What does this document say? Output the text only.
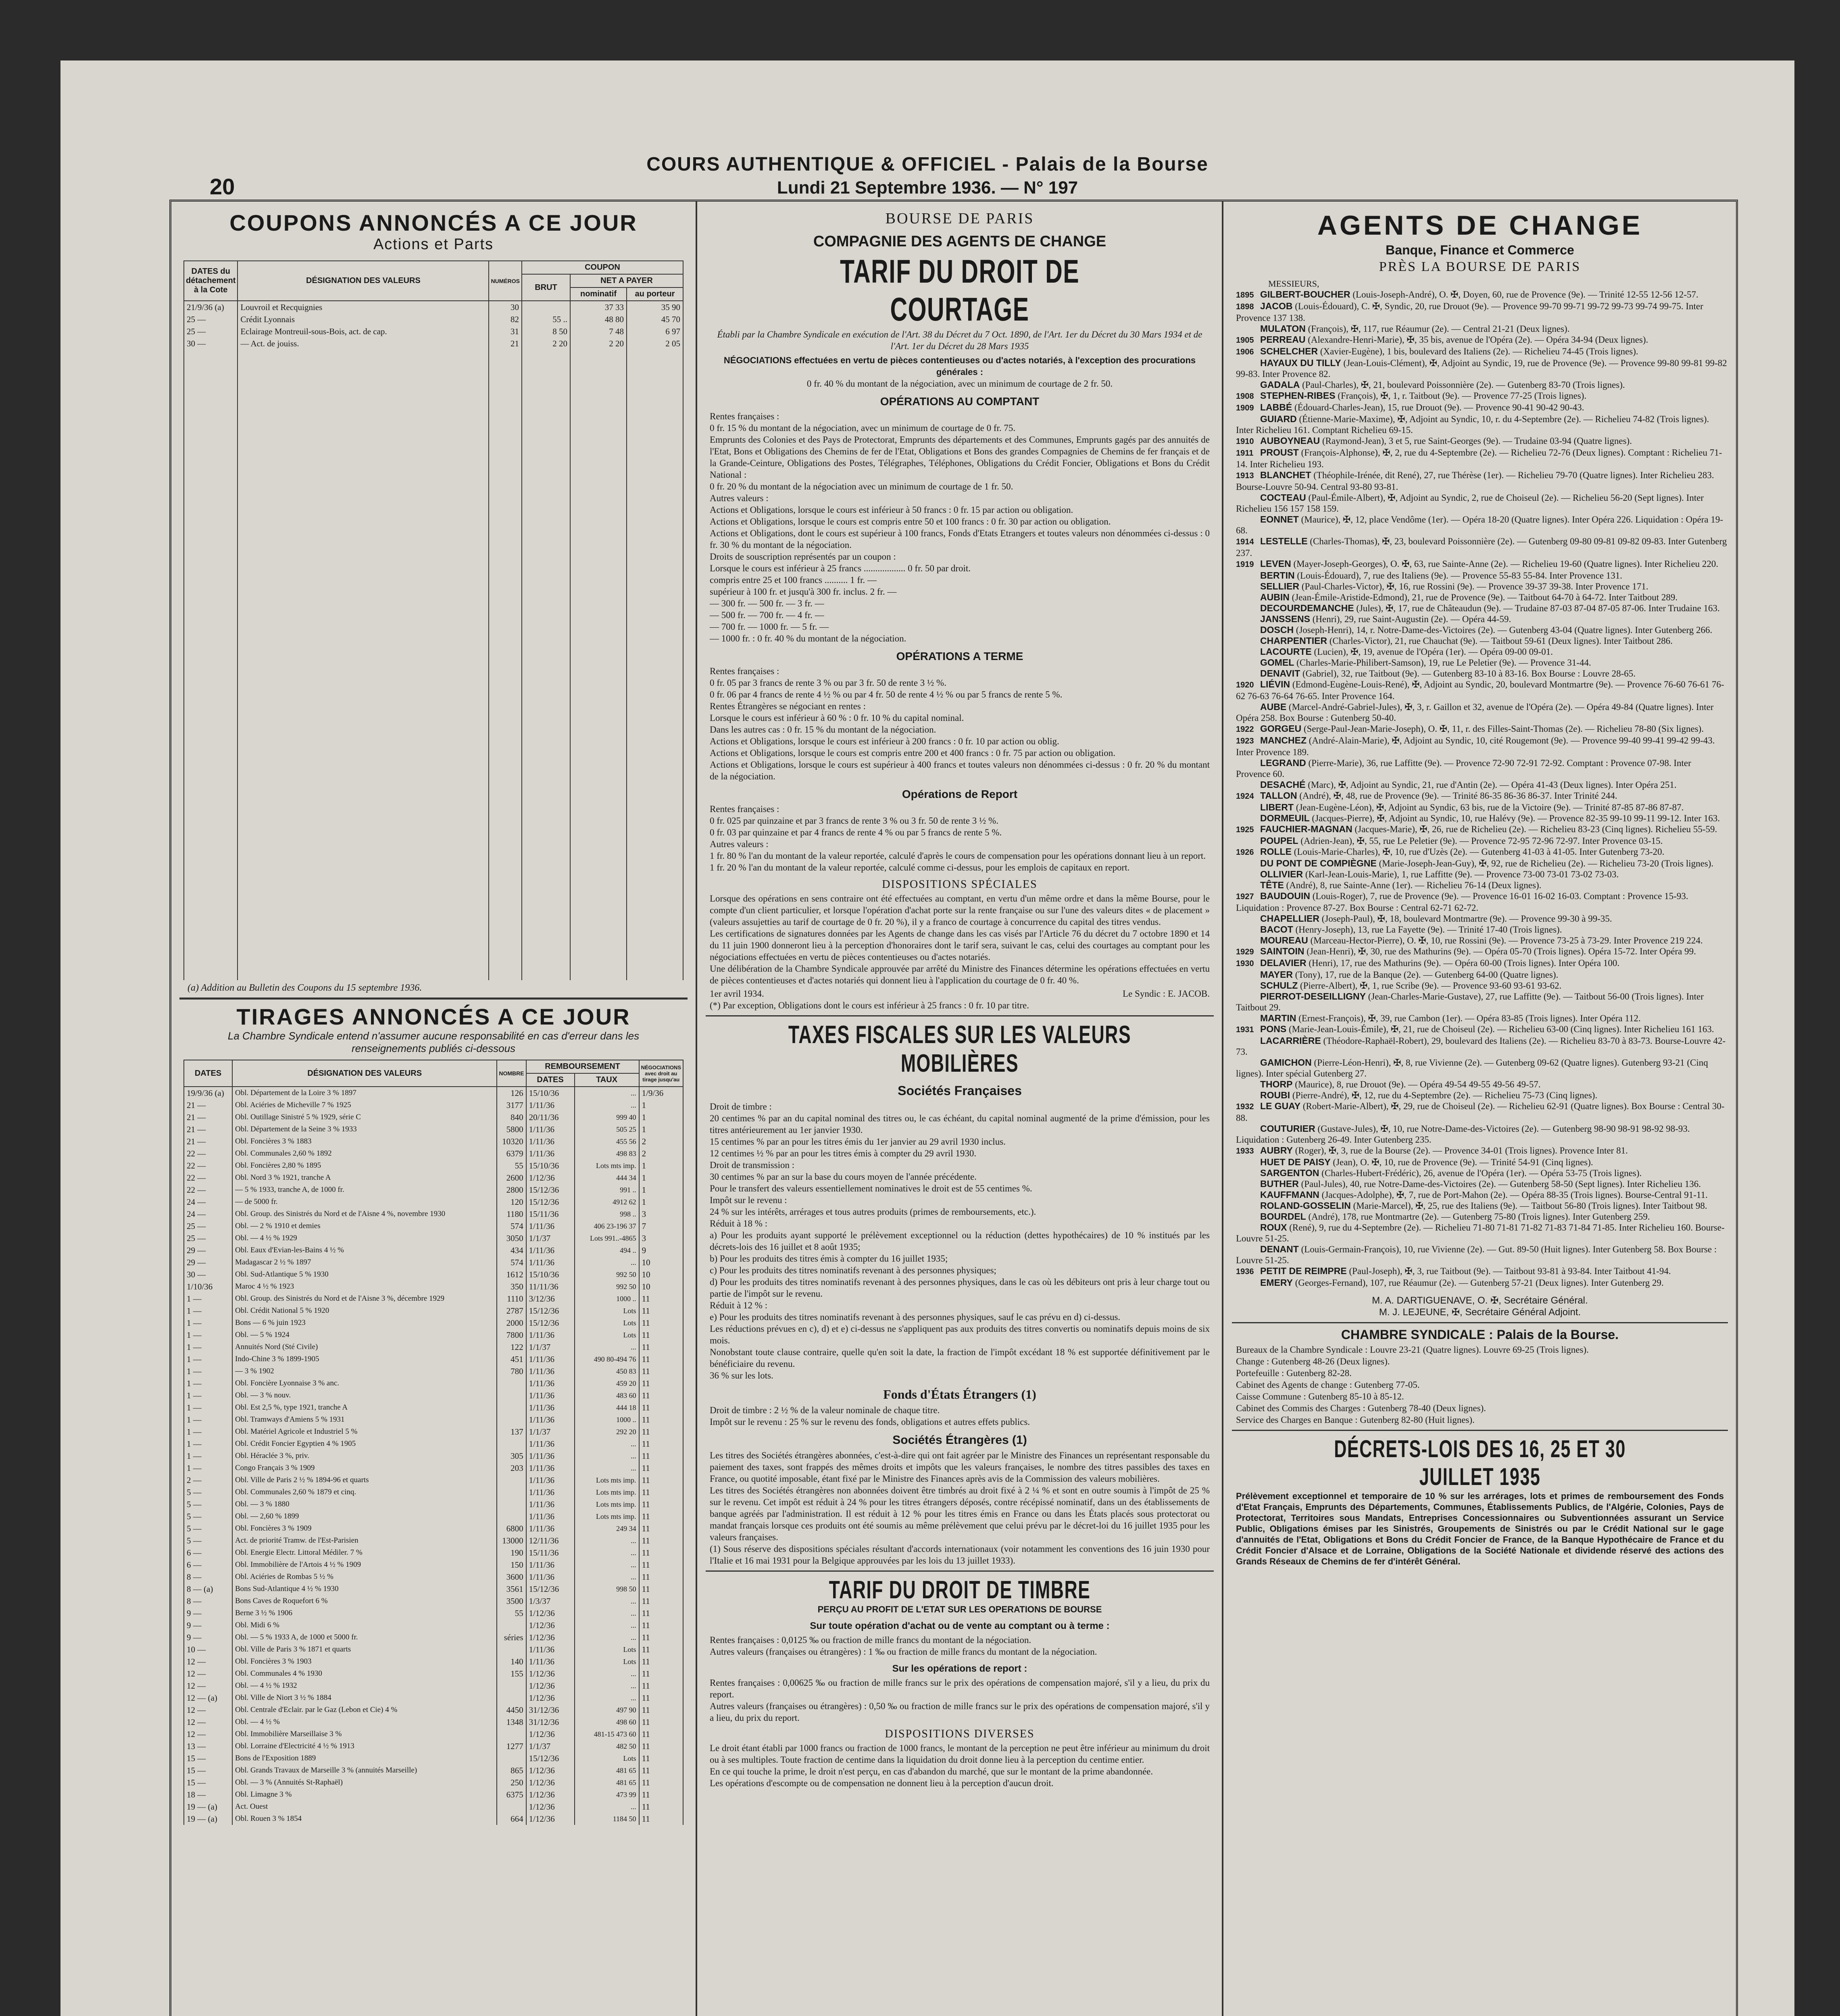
20
COURS AUTHENTIQUE & OFFICIEL - Palais de la Bourse
Lundi 21 Septembre 1936. — N° 197
COUPONS ANNONCÉS A CE JOUR
Actions et Parts
DATES du détachement à la Cote	DÉSIGNATION DES VALEURS	NUMÉROS	COUPON		
			BRUT	NET A PAYER	
				nominatif	au porteur
21/9/36 (a)	Louvroil et Recquignies	30		37 33	35 90
25 —	Crédit Lyonnais	82	55 ..	48 80	45 70
25 —	Eclairage Montreuil-sous-Bois, act. de cap.	31	8 50	7 48	6 97
30 —	— Act. de jouiss.	21	2 20	2 20	2 05

(a) Addition au Bulletin des Coupons du 15 septembre 1936.
TIRAGES ANNONCÉS A CE JOUR
La Chambre Syndicale entend n'assumer aucune responsabilité en cas d'erreur dans les renseignements publiés ci-dessous
DATES	DÉSIGNATION DES VALEURS	NOMBRE	REMBOURSEMENT		NÉGOCIATIONS avec droit au tirage jusqu'au
			DATES	TAUX	
19/9/36 (a)	Obl. Département de la Loire 3 % 1897	126	15/10/36	...	1/9/36
21 —	Obl. Aciéries de Micheville 7 % 1925	3177	1/11/36	...	1
21 —	Obl. Outillage Sinistré 5 % 1929, série C	840	20/11/36	999 40	1
21 —	Obl. Département de la Seine 3 % 1933	5800	1/11/36	505 25	1
21 —	Obl. Foncières 3 % 1883	10320	1/11/36	455 56	2
22 —	Obl. Communales 2,60 % 1892	6379	1/11/36	498 83	2
22 —	Obl. Foncières 2,80 % 1895	55	15/10/36	Lots mts imp.	1
22 —	Obl. Nord 3 % 1921, tranche A	2600	1/12/36	444 34	1
22 —	— 5 % 1933, tranche A, de 1000 fr.	2800	15/12/36	991 ..	1
24 —	— de 5000 fr.	120	15/12/36	4912 62	1
24 —	Obl. Group. des Sinistrés du Nord et de l'Aisne 4 %, novembre 1930	1180	15/11/36	998 ..	3
25 —	Obl. — 2 % 1910 et demies	574	1/11/36	406 23-196 37	7
25 —	Obl. — 4 ½ % 1929	3050	1/1/37	Lots 991..-4865	3
29 —	Obl. Eaux d'Evian-les-Bains 4 ½ %	434	1/11/36	494 ..	9
29 —	Madagascar 2 ½ % 1897	574	1/11/36	...	10
30 —	Obl. Sud-Atlantique 5 % 1930	1612	15/10/36	992 50	10
1/10/36	Maroc 4 ½ % 1923	350	11/11/36	992 50	10
1 —	Obl. Group. des Sinistrés du Nord et de l'Aisne 3 %, décembre 1929	1110	3/12/36	1000 ..	11
1 —	Obl. Crédit National 5 % 1920	2787	15/12/36	Lots	11
1 —	Bons — 6 % juin 1923	2000	15/12/36	Lots	11
1 —	Obl. — 5 % 1924	7800	1/11/36	Lots	11
1 —	Annuités Nord (Sté Civile)	122	1/1/37	...	11
1 —	Indo-Chine 3 % 1899-1905	451	1/11/36	490 80-494 76	11
1 —	— 3 % 1902	780	1/11/36	450 83	11
1 —	Obl. Foncière Lyonnaise 3 % anc.		1/11/36	459 20	11
1 —	Obl. — 3 % nouv.		1/11/36	483 60	11
1 —	Obl. Est 2,5 %, type 1921, tranche A		1/11/36	444 18	11
1 —	Obl. Tramways d'Amiens 5 % 1931		1/11/36	1000 ..	11
1 —	Obl. Matériel Agricole et Industriel 5 %	137	1/1/37	292 20	11
1 —	Obl. Crédit Foncier Egyptien 4 % 1905		1/11/36	...	11
1 —	Obl. Héraclée 3 %, priv.	305	1/11/36	...	11
1 —	Congo Français 3 % 1909	203	1/11/36	...	11
2 —	Obl. Ville de Paris 2 ½ % 1894-96 et quarts		1/11/36	Lots mts imp.	11
5 —	Obl. Communales 2,60 % 1879 et cinq.		1/11/36	Lots mts imp.	11
5 —	Obl. — 3 % 1880		1/11/36	Lots mts imp.	11
5 —	Obl. — 2,60 % 1899		1/11/36	Lots mts imp.	11
5 —	Obl. Foncières 3 % 1909	6800	1/11/36	249 34	11
5 —	Act. de priorité Tramw. de l'Est-Parisien	13000	12/11/36	...	11
6 —	Obl. Energie Electr. Littoral Médiler. 7 %	190	15/11/36	...	11
6 —	Obl. Immobilière de l'Artois 4 ½ % 1909	150	1/11/36	...	11
8 —	Obl. Aciéries de Rombas 5 ½ %	3600	1/11/36	...	11
8 — (a)	Bons Sud-Atlantique 4 ½ % 1930	3561	15/12/36	998 50	11
8 —	Bons Caves de Roquefort 6 %	3500	1/3/37	...	11
9 —	Berne 3 ½ % 1906	55	1/12/36	...	11
9 —	Obl. Midi 6 %		1/12/36	...	11
9 —	Obl. — 5 % 1933 A, de 1000 et 5000 fr.	séries	1/12/36	...	11
10 —	Obl. Ville de Paris 3 % 1871 et quarts		1/11/36	Lots	11
12 —	Obl. Foncières 3 % 1903	140	1/11/36	Lots	11
12 —	Obl. Communales 4 % 1930	155	1/12/36	...	11
12 —	Obl. — 4 ½ % 1932		1/12/36	...	11
12 — (a)	Obl. Ville de Niort 3 ½ % 1884		1/12/36	...	11
12 —	Obl. Centrale d'Eclair. par le Gaz (Lebon et Cie) 4 %	4450	31/12/36	497 90	11
12 —	Obl. — 4 ½ %	1348	31/12/36	498 60	11
12 —	Obl. Immobilière Marseillaise 3 %		1/12/36	481-15 473 60	11
13 —	Obl. Lorraine d'Electricité 4 ½ % 1913	1277	1/1/37	482 50	11
15 —	Bons de l'Exposition 1889		15/12/36	Lots	11
15 —	Obl. Grands Travaux de Marseille 3 % (annuités Marseille)	865	1/12/36	481 65	11
15 —	Obl. — 3 % (Annuités St-Raphaël)	250	1/12/36	481 65	11
18 —	Obl. Limagne 3 %	6375	1/12/36	473 99	11
19 — (a)	Act. Ouest		1/12/36	...	11
19 — (a)	Obl. Rouen 3 % 1854	664	1/12/36	1184 50	11
BOURSE DE PARIS
COMPAGNIE DES AGENTS DE CHANGE
TARIF DU DROIT DE COURTAGE
Établi par la Chambre Syndicale en exécution de l'Art. 38 du Décret du 7 Oct. 1890, de l'Art. 1er du Décret du 30 Mars 1934 et de l'Art. 1er du Décret du 28 Mars 1935
NÉGOCIATIONS effectuées en vertu de pièces contentieuses ou d'actes notariés, à l'exception des procurations générales :
0 fr. 40 % du montant de la négociation, avec un minimum de courtage de 2 fr. 50.
OPÉRATIONS AU COMPTANT
Rentes françaises :
0 fr. 15 % du montant de la négociation, avec un minimum de courtage de 0 fr. 75.
Emprunts des Colonies et des Pays de Protectorat, Emprunts des départements et des Communes, Emprunts gagés par des annuités de l'Etat, Bons et Obligations des Chemins de fer de l'Etat, Obligations et Bons des grandes Compagnies de Chemins de fer français et de la Grande-Ceinture, Obligations des Postes, Télégraphes, Téléphones, Obligations du Crédit Foncier, Obligations et Bons du Crédit National :
0 fr. 20 % du montant de la négociation avec un minimum de courtage de 1 fr. 50.
Autres valeurs :
Actions et Obligations, lorsque le cours est inférieur à 50 francs : 0 fr. 15 par action ou obligation.
Actions et Obligations, lorsque le cours est compris entre 50 et 100 francs : 0 fr. 30 par action ou obligation.
Actions et Obligations, dont le cours est supérieur à 100 francs, Fonds d'Etats Etrangers et toutes valeurs non dénommées ci-dessus : 0 fr. 30 % du montant de la négociation.
Droits de souscription représentés par un coupon :
Lorsque le cours est inférieur à 25 francs .................. 0 fr. 50 par droit.
compris entre 25 et 100 francs .......... 1 fr. —
supérieur à 100 fr. et jusqu'à 300 fr. inclus. 2 fr. —
— 300 fr. — 500 fr. — 3 fr. —
— 500 fr. — 700 fr. — 4 fr. —
— 700 fr. — 1000 fr. — 5 fr. —
— 1000 fr. : 0 fr. 40 % du montant de la négociation.
OPÉRATIONS A TERME
Rentes françaises :
0 fr. 05 par 3 francs de rente 3 % ou par 3 fr. 50 de rente 3 ½ %.
0 fr. 06 par 4 francs de rente 4 ½ % ou par 4 fr. 50 de rente 4 ½ % ou par 5 francs de rente 5 %.
Rentes Étrangères se négociant en rentes :
Lorsque le cours est inférieur à 60 % : 0 fr. 10 % du capital nominal.
Dans les autres cas : 0 fr. 15 % du montant de la négociation.
Actions et Obligations, lorsque le cours est inférieur à 200 francs : 0 fr. 10 par action ou oblig.
Actions et Obligations, lorsque le cours est compris entre 200 et 400 francs : 0 fr. 75 par action ou obligation.
Actions et Obligations, lorsque le cours est supérieur à 400 francs et toutes valeurs non dénommées ci-dessus : 0 fr. 20 % du montant de la négociation.
Opérations de Report
Rentes françaises :
0 fr. 025 par quinzaine et par 3 francs de rente 3 % ou 3 fr. 50 de rente 3 ½ %.
0 fr. 03 par quinzaine et par 4 francs de rente 4 % ou par 5 francs de rente 5 %.
Autres valeurs :
1 fr. 80 % l'an du montant de la valeur reportée, calculé d'après le cours de compensation pour les opérations donnant lieu à un report.
1 fr. 20 % l'an du montant de la valeur reportée, calculé comme ci-dessus, pour les emplois de capitaux en report.
DISPOSITIONS SPÉCIALES
Lorsque des opérations en sens contraire ont été effectuées au comptant, en vertu d'un même ordre et dans la même Bourse, pour le compte d'un client particulier, et lorsque l'opération d'achat porte sur la rente française ou sur l'une des valeurs dites « de placement » (valeurs assujetties au tarif de courtage de 0 fr. 20 %), il y a franco de courtage à concurrence du capital des titres vendus.
Les certifications de signatures données par les Agents de change dans les cas visés par l'Article 76 du décret du 7 octobre 1890 et 14 du 11 juin 1900 donneront lieu à la perception d'honoraires dont le tarif sera, suivant le cas, celui des courtages au comptant pour les négociations effectuées en vertu de pièces contentieuses ou d'actes notariés.
Une délibération de la Chambre Syndicale approuvée par arrêté du Ministre des Finances détermine les opérations effectuées en vertu de pièces contentieuses et d'actes notariés qui donnent lieu à l'application du courtage de 0 fr. 40 %.
1er avril 1934.	Le Syndic : E. JACOB.
(*) Par exception, Obligations dont le cours est inférieur à 25 francs : 0 fr. 10 par titre.
TAXES FISCALES SUR LES VALEURS MOBILIÈRES
Sociétés Françaises
Droit de timbre :
20 centimes % par an du capital nominal des titres ou, le cas échéant, du capital nominal augmenté de la prime d'émission, pour les titres antérieurement au 1er janvier 1930.
15 centimes % par an pour les titres émis du 1er janvier au 29 avril 1930 inclus.
12 centimes ½ % par an pour les titres émis à compter du 29 avril 1930.
Droit de transmission :
30 centimes % par an sur la base du cours moyen de l'année précédente.
Pour le transfert des valeurs essentiellement nominatives le droit est de 55 centimes %.
Impôt sur le revenu :
24 % sur les intérêts, arrérages et tous autres produits (primes de remboursements, etc.).
Réduit à 18 % :
a) Pour les produits ayant supporté le prélèvement exceptionnel ou la réduction (dettes hypothécaires) de 10 % institués par les décrets-lois des 16 juillet et 8 août 1935;
b) Pour les produits des titres émis à compter du 16 juillet 1935;
c) Pour les produits des titres nominatifs revenant à des personnes physiques;
d) Pour les produits des titres nominatifs revenant à des personnes physiques, dans le cas où les débiteurs ont pris à leur charge tout ou partie de l'impôt sur le revenu.
Réduit à 12 % :
e) Pour les produits des titres nominatifs revenant à des personnes physiques, sauf le cas prévu en d) ci-dessus.
Les réductions prévues en c), d) et e) ci-dessus ne s'appliquent pas aux produits des titres convertis ou nominatifs depuis moins de six mois.
Nonobstant toute clause contraire, quelle qu'en soit la date, la fraction de l'impôt excédant 18 % est supportée définitivement par le bénéficiaire du revenu.
36 % sur les lots.
Fonds d'États Étrangers (1)
Droit de timbre : 2 ½ % de la valeur nominale de chaque titre.
Impôt sur le revenu : 25 % sur le revenu des fonds, obligations et autres effets publics.
Sociétés Étrangères (1)
Les titres des Sociétés étrangères abonnées, c'est-à-dire qui ont fait agréer par le Ministre des Finances un représentant responsable du paiement des taxes, sont frappés des mêmes droits et impôts que les valeurs françaises, le nombre des titres passibles des taxes en France, ou quotité imposable, étant fixé par le Ministre des Finances après avis de la Commission des valeurs mobilières.
Les titres des Sociétés étrangères non abonnées doivent être timbrés au droit fixé à 2 ¼ % et sont en outre soumis à l'impôt de 25 % sur le revenu. Cet impôt est réduit à 24 % pour les titres étrangers déposés, contre récépissé nominatif, dans un des établissements de banque agréés par l'administration. Il est réduit à 12 % pour les titres émis en France ou dans les États placés sous protectorat ou mandat français lorsque ces produits ont été soumis au même prélèvement que celui prévu par le décret-loi du 16 juillet 1935 pour les valeurs françaises.
(1) Sous réserve des dispositions spéciales résultant d'accords internationaux (voir notamment les conventions des 16 juin 1930 pour l'Italie et 16 mai 1931 pour la Belgique approuvées par les lois du 13 juillet 1933).
TARIF DU DROIT DE TIMBRE
PERÇU AU PROFIT DE L'ETAT SUR LES OPERATIONS DE BOURSE
Sur toute opération d'achat ou de vente au comptant ou à terme :
Rentes françaises : 0,0125 ‰ ou fraction de mille francs du montant de la négociation.
Autres valeurs (françaises ou étrangères) : 1 ‰ ou fraction de mille francs du montant de la négociation.
Sur les opérations de report :
Rentes françaises : 0,00625 ‰ ou fraction de mille francs sur le prix des opérations de compensation majoré, s'il y a lieu, du prix du report.
Autres valeurs (françaises ou étrangères) : 0,50 ‰ ou fraction de mille francs sur le prix des opérations de compensation majoré, s'il y a lieu, du prix du report.
DISPOSITIONS DIVERSES
Le droit étant établi par 1000 francs ou fraction de 1000 francs, le montant de la perception ne peut être inférieur au minimum du droit ou à ses multiples. Toute fraction de centime dans la liquidation du droit donne lieu à la perception du centime entier.
En ce qui touche la prime, le droit n'est perçu, en cas d'abandon du marché, que sur le montant de la prime abandonnée.
Les opérations d'escompte ou de compensation ne donnent lieu à la perception d'aucun droit.
AGENTS DE CHANGE
Banque, Finance et Commerce
PRÈS LA BOURSE DE PARIS
MESSIEURS,
1895 GILBERT-BOUCHER (Louis-Joseph-André), O. ✠, Doyen, 60, rue de Provence (9e). — Trinité 12-55 12-56 12-57.
1898 JACOB (Louis-Édouard), C. ✠, Syndic, 20, rue Drouot (9e). — Provence 99-70 99-71 99-72 99-73 99-74 99-75. Inter Provence 137 138.
MULATON (François), ✠, 117, rue Réaumur (2e). — Central 21-21 (Deux lignes).
1905 PERREAU (Alexandre-Henri-Marie), ✠, 35 bis, avenue de l'Opéra (2e). — Opéra 34-94 (Deux lignes).
1906 SCHELCHER (Xavier-Eugène), 1 bis, boulevard des Italiens (2e). — Richelieu 74-45 (Trois lignes).
HAYAUX DU TILLY (Jean-Louis-Clément), ✠, Adjoint au Syndic, 19, rue de Provence (9e). — Provence 99-80 99-81 99-82 99-83. Inter Provence 82.
GADALA (Paul-Charles), ✠, 21, boulevard Poissonnière (2e). — Gutenberg 83-70 (Trois lignes).
1908 STEPHEN-RIBES (François), ✠, 1, r. Taitbout (9e). — Provence 77-25 (Trois lignes).
1909 LABBÉ (Édouard-Charles-Jean), 15, rue Drouot (9e). — Provence 90-41 90-42 90-43.
GUIARD (Étienne-Marie-Maxime), ✠, Adjoint au Syndic, 10, r. du 4-Septembre (2e). — Richelieu 74-82 (Trois lignes). Inter Richelieu 161. Comptant Richelieu 69-15.
1910 AUBOYNEAU (Raymond-Jean), 3 et 5, rue Saint-Georges (9e). — Trudaine 03-94 (Quatre lignes).
1911 PROUST (François-Alphonse), ✠, 2, rue du 4-Septembre (2e). — Richelieu 72-76 (Deux lignes). Comptant : Richelieu 71-14. Inter Richelieu 193.
1913 BLANCHET (Théophile-Irénée, dit René), 27, rue Thérèse (1er). — Richelieu 79-70 (Quatre lignes). Inter Richelieu 283. Bourse-Louvre 50-94. Central 93-80 93-81.
COCTEAU (Paul-Émile-Albert), ✠, Adjoint au Syndic, 2, rue de Choiseul (2e). — Richelieu 56-20 (Sept lignes). Inter Richelieu 156 157 158 159.
EONNET (Maurice), ✠, 12, place Vendôme (1er). — Opéra 18-20 (Quatre lignes). Inter Opéra 226. Liquidation : Opéra 19-68.
1914 LESTELLE (Charles-Thomas), ✠, 23, boulevard Poissonnière (2e). — Gutenberg 09-80 09-81 09-82 09-83. Inter Gutenberg 237.
1919 LEVEN (Mayer-Joseph-Georges), O. ✠, 63, rue Sainte-Anne (2e). — Richelieu 19-60 (Quatre lignes). Inter Richelieu 220.
BERTIN (Louis-Édouard), 7, rue des Italiens (9e). — Provence 55-83 55-84. Inter Provence 131.
SELLIER (Paul-Charles-Victor), ✠, 16, rue Rossini (9e). — Provence 39-37 39-38. Inter Provence 171.
AUBIN (Jean-Émile-Aristide-Edmond), 21, rue de Provence (9e). — Taitbout 64-70 à 64-72. Inter Taitbout 289.
DECOURDEMANCHE (Jules), ✠, 17, rue de Châteaudun (9e). — Trudaine 87-03 87-04 87-05 87-06. Inter Trudaine 163.
JANSSENS (Henri), 29, rue Saint-Augustin (2e). — Opéra 44-59.
DOSCH (Joseph-Henri), 14, r. Notre-Dame-des-Victoires (2e). — Gutenberg 43-04 (Quatre lignes). Inter Gutenberg 266.
CHARPENTIER (Charles-Victor), 21, rue Chauchat (9e). — Taitbout 59-61 (Deux lignes). Inter Taitbout 286.
LACOURTE (Lucien), ✠, 19, avenue de l'Opéra (1er). — Opéra 09-00 09-01.
GOMEL (Charles-Marie-Philibert-Samson), 19, rue Le Peletier (9e). — Provence 31-44.
DENAVIT (Gabriel), 32, rue Taitbout (9e). — Gutenberg 83-10 à 83-16. Box Bourse : Louvre 28-65.
1920 LIÉVIN (Edmond-Eugène-Louis-René), ✠, Adjoint au Syndic, 20, boulevard Montmartre (9e). — Provence 76-60 76-61 76-62 76-63 76-64 76-65. Inter Provence 164.
AUBE (Marcel-André-Gabriel-Jules), ✠, 3, r. Gaillon et 32, avenue de l'Opéra (2e). — Opéra 49-84 (Quatre lignes). Inter Opéra 258. Box Bourse : Gutenberg 50-40.
1922 GORGEU (Serge-Paul-Jean-Marie-Joseph), O. ✠, 11, r. des Filles-Saint-Thomas (2e). — Richelieu 78-80 (Six lignes).
1923 MANCHEZ (André-Alain-Marie), ✠, Adjoint au Syndic, 10, cité Rougemont (9e). — Provence 99-40 99-41 99-42 99-43. Inter Provence 189.
LEGRAND (Pierre-Marie), 36, rue Laffitte (9e). — Provence 72-90 72-91 72-92. Comptant : Provence 07-98. Inter Provence 60.
DESACHÉ (Marc), ✠, Adjoint au Syndic, 21, rue d'Antin (2e). — Opéra 41-43 (Deux lignes). Inter Opéra 251.
1924 TALLON (André), ✠, 48, rue de Provence (9e). — Trinité 86-35 86-36 86-37. Inter Trinité 244.
LIBERT (Jean-Eugène-Léon), ✠, Adjoint au Syndic, 63 bis, rue de la Victoire (9e). — Trinité 87-85 87-86 87-87.
DORMEUIL (Jacques-Pierre), ✠, Adjoint au Syndic, 10, rue Halévy (9e). — Provence 82-35 99-10 99-11 99-12. Inter 163.
1925 FAUCHIER-MAGNAN (Jacques-Marie), ✠, 26, rue de Richelieu (2e). — Richelieu 83-23 (Cinq lignes). Richelieu 55-59.
POUPEL (Adrien-Jean), ✠, 55, rue Le Peletier (9e). — Provence 72-95 72-96 72-97. Inter Provence 03-15.
1926 ROLLE (Louis-Marie-Charles), ✠, 10, rue d'Uzès (2e). — Gutenberg 41-03 à 41-05. Inter Gutenberg 73-20.
DU PONT DE COMPIÈGNE (Marie-Joseph-Jean-Guy), ✠, 92, rue de Richelieu (2e). — Richelieu 73-20 (Trois lignes).
OLLIVIER (Karl-Jean-Louis-Marie), 1, rue Laffitte (9e). — Provence 73-00 73-01 73-02 73-03.
TÊTE (André), 8, rue Sainte-Anne (1er). — Richelieu 76-14 (Deux lignes).
1927 BAUDOUIN (Louis-Roger), 7, rue de Provence (9e). — Provence 16-01 16-02 16-03. Comptant : Provence 15-93. Liquidation : Provence 87-27. Box Bourse : Central 62-71 62-72.
CHAPELLIER (Joseph-Paul), ✠, 18, boulevard Montmartre (9e). — Provence 99-30 à 99-35.
BACOT (Henry-Joseph), 13, rue La Fayette (9e). — Trinité 17-40 (Trois lignes).
MOUREAU (Marceau-Hector-Pierre), O. ✠, 10, rue Rossini (9e). — Provence 73-25 à 73-29. Inter Provence 219 224.
1929 SAINTOIN (Jean-Henri), ✠, 30, rue des Mathurins (9e). — Opéra 05-70 (Trois lignes). Opéra 15-72. Inter Opéra 99.
1930 DELAVIER (Henri), 17, rue des Mathurins (9e). — Opéra 60-00 (Trois lignes). Inter Opéra 100.
MAYER (Tony), 17, rue de la Banque (2e). — Gutenberg 64-00 (Quatre lignes).
SCHULZ (Pierre-Albert), ✠, 1, rue Scribe (9e). — Provence 93-60 93-61 93-62.
PIERROT-DESEILLIGNY (Jean-Charles-Marie-Gustave), 27, rue Laffitte (9e). — Taitbout 56-00 (Trois lignes). Inter Taitbout 29.
MARTIN (Ernest-François), ✠, 39, rue Cambon (1er). — Opéra 83-85 (Trois lignes). Inter Opéra 112.
1931 PONS (Marie-Jean-Louis-Émile), ✠, 21, rue de Choiseul (2e). — Richelieu 63-00 (Cinq lignes). Inter Richelieu 161 163.
LACARRIÈRE (Théodore-Raphaël-Robert), 29, boulevard des Italiens (2e). — Richelieu 83-70 à 83-73. Bourse-Louvre 42-73.
GAMICHON (Pierre-Léon-Henri), ✠, 8, rue Vivienne (2e). — Gutenberg 09-62 (Quatre lignes). Gutenberg 93-21 (Cinq lignes). Inter spécial Gutenberg 27.
THORP (Maurice), 8, rue Drouot (9e). — Opéra 49-54 49-55 49-56 49-57.
ROUBI (Pierre-André), ✠, 12, rue du 4-Septembre (2e). — Richelieu 75-73 (Cinq lignes).
1932 LE GUAY (Robert-Marie-Albert), ✠, 29, rue de Choiseul (2e). — Richelieu 62-91 (Quatre lignes). Box Bourse : Central 30-88.
COUTURIER (Gustave-Jules), ✠, 10, rue Notre-Dame-des-Victoires (2e). — Gutenberg 98-90 98-91 98-92 98-93. Liquidation : Gutenberg 26-49. Inter Gutenberg 235.
1933 AUBRY (Roger), ✠, 3, rue de la Bourse (2e). — Provence 34-01 (Trois lignes). Provence Inter 81.
HUET DE PAISY (Jean), O. ✠, 10, rue de Provence (9e). — Trinité 54-91 (Cinq lignes).
SARGENTON (Charles-Hubert-Frédéric), 26, avenue de l'Opéra (1er). — Opéra 53-75 (Trois lignes).
BUTHER (Paul-Jules), 40, rue Notre-Dame-des-Victoires (2e). — Gutenberg 58-50 (Sept lignes). Inter Richelieu 136.
KAUFFMANN (Jacques-Adolphe), ✠, 7, rue de Port-Mahon (2e). — Opéra 88-35 (Trois lignes). Bourse-Central 91-11.
ROLAND-GOSSELIN (Marie-Marcel), ✠, 25, rue des Italiens (9e). — Taitbout 56-80 (Trois lignes). Inter Taitbout 98.
BOURDEL (André), 178, rue Montmartre (2e). — Gutenberg 75-80 (Trois lignes). Inter Gutenberg 259.
ROUX (René), 9, rue du 4-Septembre (2e). — Richelieu 71-80 71-81 71-82 71-83 71-84 71-85. Inter Richelieu 160. Bourse-Louvre 51-25.
DENANT (Louis-Germain-François), 10, rue Vivienne (2e). — Gut. 89-50 (Huit lignes). Inter Gutenberg 58. Box Bourse : Louvre 51-25.
1936 PETIT DE REIMPRE (Paul-Joseph), ✠, 3, rue Taitbout (9e). — Taitbout 93-81 à 93-84. Inter Taitbout 41-94.
EMERY (Georges-Fernand), 107, rue Réaumur (2e). — Gutenberg 57-21 (Deux lignes). Inter Gutenberg 29.
M. A. DARTIGUENAVE, O. ✠, Secrétaire Général.
M. J. LEJEUNE, ✠, Secrétaire Général Adjoint.
CHAMBRE SYNDICALE : Palais de la Bourse.
Bureaux de la Chambre Syndicale : Louvre 23-21 (Quatre lignes). Louvre 69-25 (Trois lignes).
Change : Gutenberg 48-26 (Deux lignes).
Portefeuille : Gutenberg 82-28.
Cabinet des Agents de change : Gutenberg 77-05.
Caisse Commune : Gutenberg 85-10 à 85-12.
Cabinet des Commis des Charges : Gutenberg 78-40 (Deux lignes).
Service des Charges en Banque : Gutenberg 82-80 (Huit lignes).
DÉCRETS-LOIS DES 16, 25 ET 30 JUILLET 1935
Prélèvement exceptionnel et temporaire de 10 % sur les arrérages, lots et primes de remboursement des Fonds d'Etat Français, Emprunts des Départements, Communes, Établissements Publics, de l'Algérie, Colonies, Pays de Protectorat, Territoires sous Mandats, Entreprises Concessionnaires ou Subventionnées assurant un Service Public, Obligations émises par les Sinistrés, Groupements de Sinistrés ou par le Crédit National sur le gage d'annuités de l'Etat, Obligations et Bons du Crédit Foncier de France, de la Banque Hypothécaire de France et du Crédit Foncier d'Alsace et de Lorraine, Obligations de la Société Nationale et dividende réservé des actions des Grands Réseaux de Chemins de fer d'intérêt Général.
